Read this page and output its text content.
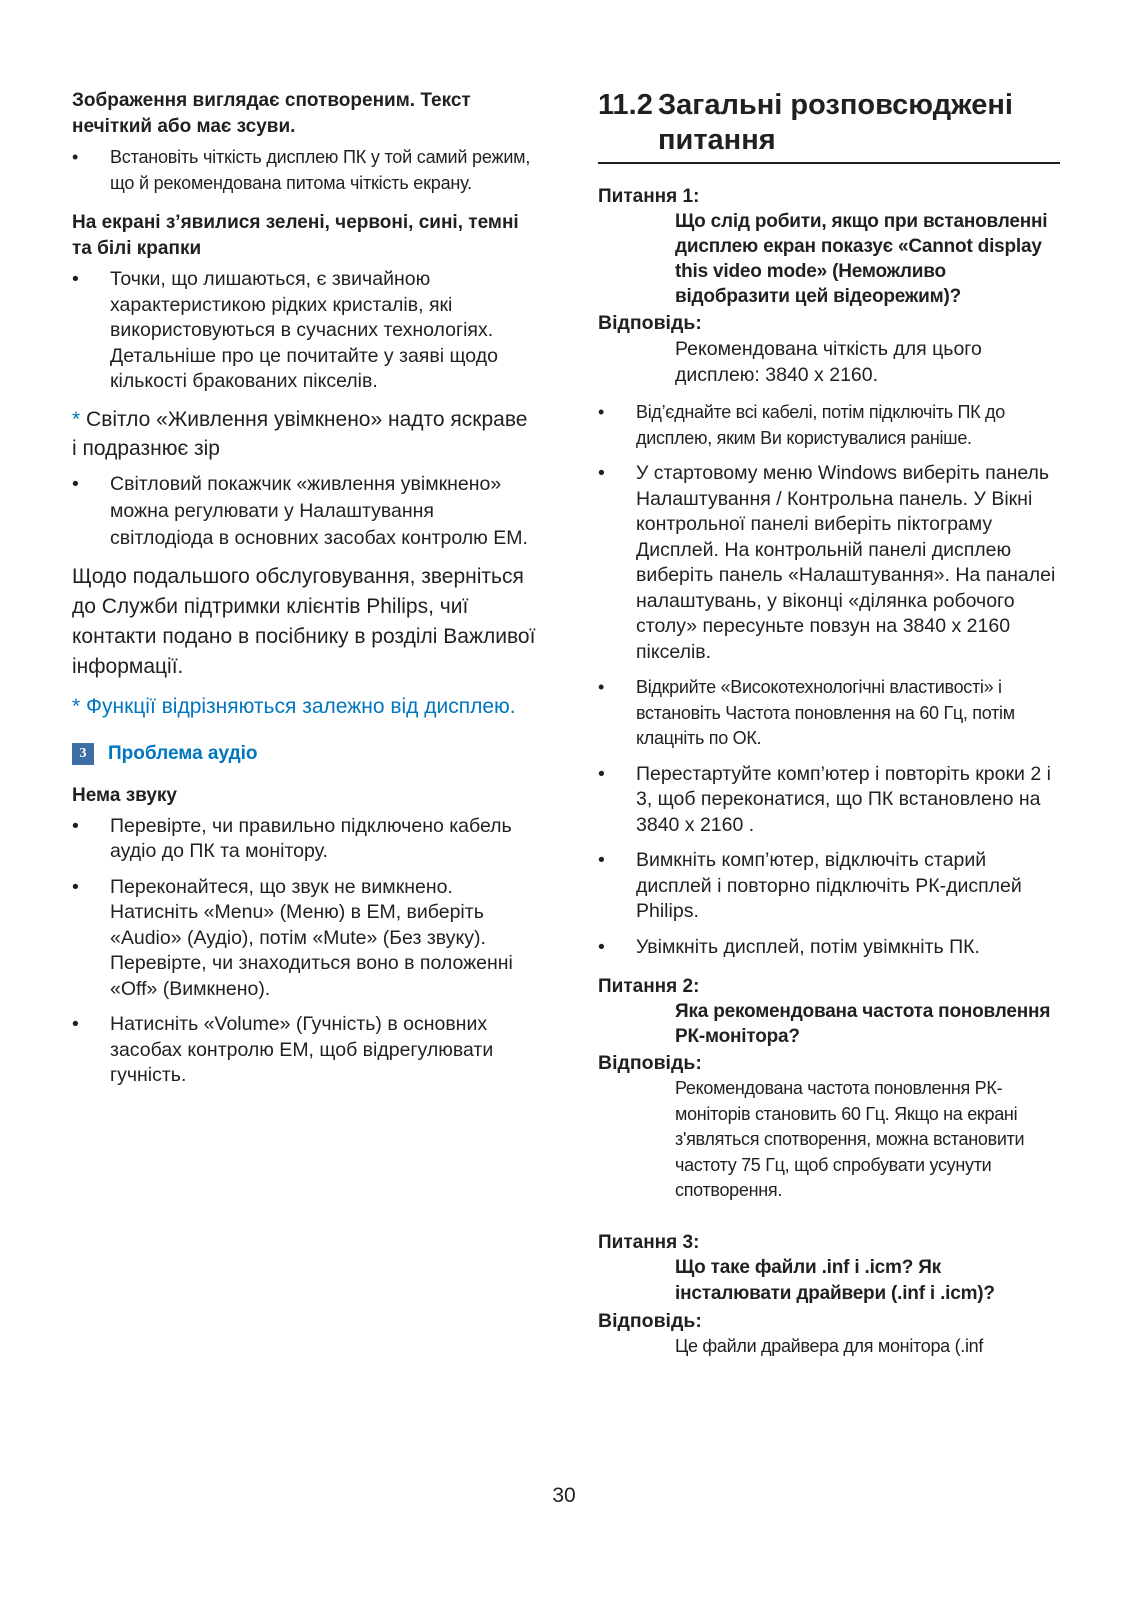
Зображення виглядає спотвореним. Текст нечіткий або має зсуви.

•	Встановіть чіткість дисплею ПК у той самий режим, що й рекомендована питома чіткість екрану.

На екрані з’явилися зелені, червоні, сині, темні та білі крапки

•	Точки, що лишаються, є звичайною характеристикою рідких кристалів, які використовуються в сучасних технологіях. Детальніше про це почитайте у заяві щодо кількості бракованих пікселів.

* Світло «Живлення увімкнено» надто яскраве і подразнює зір

•	Світловий покажчик «живлення увімкнено» можна регулювати у Налаштування світлодіода в основних засобах контролю ЕМ.

Щодо подальшого обслуговування, зверніться до Служби підтримки клієнтів Philips, чиї контакти подано в посібнику в розділі Важливої інформації.

* Функції відрізняються залежно від дисплею.

3	Проблема аудіо

Нема звуку

•	Перевірте, чи правильно підключено кабель аудіо до ПК та монітору.
•	Переконайтеся, що звук не вимкнено. Натисніть «Menu» (Меню) в ЕМ, виберіть «Audio» (Аудіо), потім «Mute» (Без звуку). Перевірте, чи знаходиться воно в положенні «Off» (Вимкнено).
•	Натисніть «Volume» (Гучність) в основних засобах контролю ЕМ, щоб відрегулювати гучність.
11.2 Загальні розповсюджені питання

Питання 1:

Що слід робити, якщо при встановленні дисплею екран показує «Cannot display this video mode» (Неможливо відобразити цей відеорежим)?

Відповідь:

Рекомендована чіткість для цього дисплею: 3840 x 2160.

•	Від’єднайте всі кабелі, потім підключіть ПК до дисплею, яким Ви користувалися раніше.
•	У стартовому меню Windows виберіть панель Налаштування / Контрольна панель. У Вікні контрольної панелі виберіть піктограму Дисплей. На контрольній панелі дисплею виберіть панель «Налаштування». На паналеі налаштувань, у віконці «ділянка робочого столу» пересуньте повзун на 3840 x 2160 пікселів.
•	Відкрийте «Високотехнологічні властивості» і встановіть Частота поновлення на 60 Гц, потім клацніть по ОК.
•	Перестартуйте комп’ютер і повторіть кроки 2 і 3, щоб переконатися, що ПК встановлено на 3840 x 2160 .
•	Вимкніть комп’ютер, відключіть старий дисплей і повторно підключіть РК-дисплей Philips.
•	Увімкніть дисплей, потім увімкніть ПК.

Питання 2:

Яка рекомендована частота поновлення РК-монітора?

Відповідь:

Рекомендована частота поновлення РК-моніторів становить 60 Гц. Якщо на екрані з'являться спотворення, можна встановити частоту 75 Гц, щоб спробувати усунути спотворення.

Питання 3:

Що таке файли .inf і .icm? Як інсталювати драйвери (.inf і .icm)?

Відповідь:

Це файли драйвера для монітора (.inf

30
